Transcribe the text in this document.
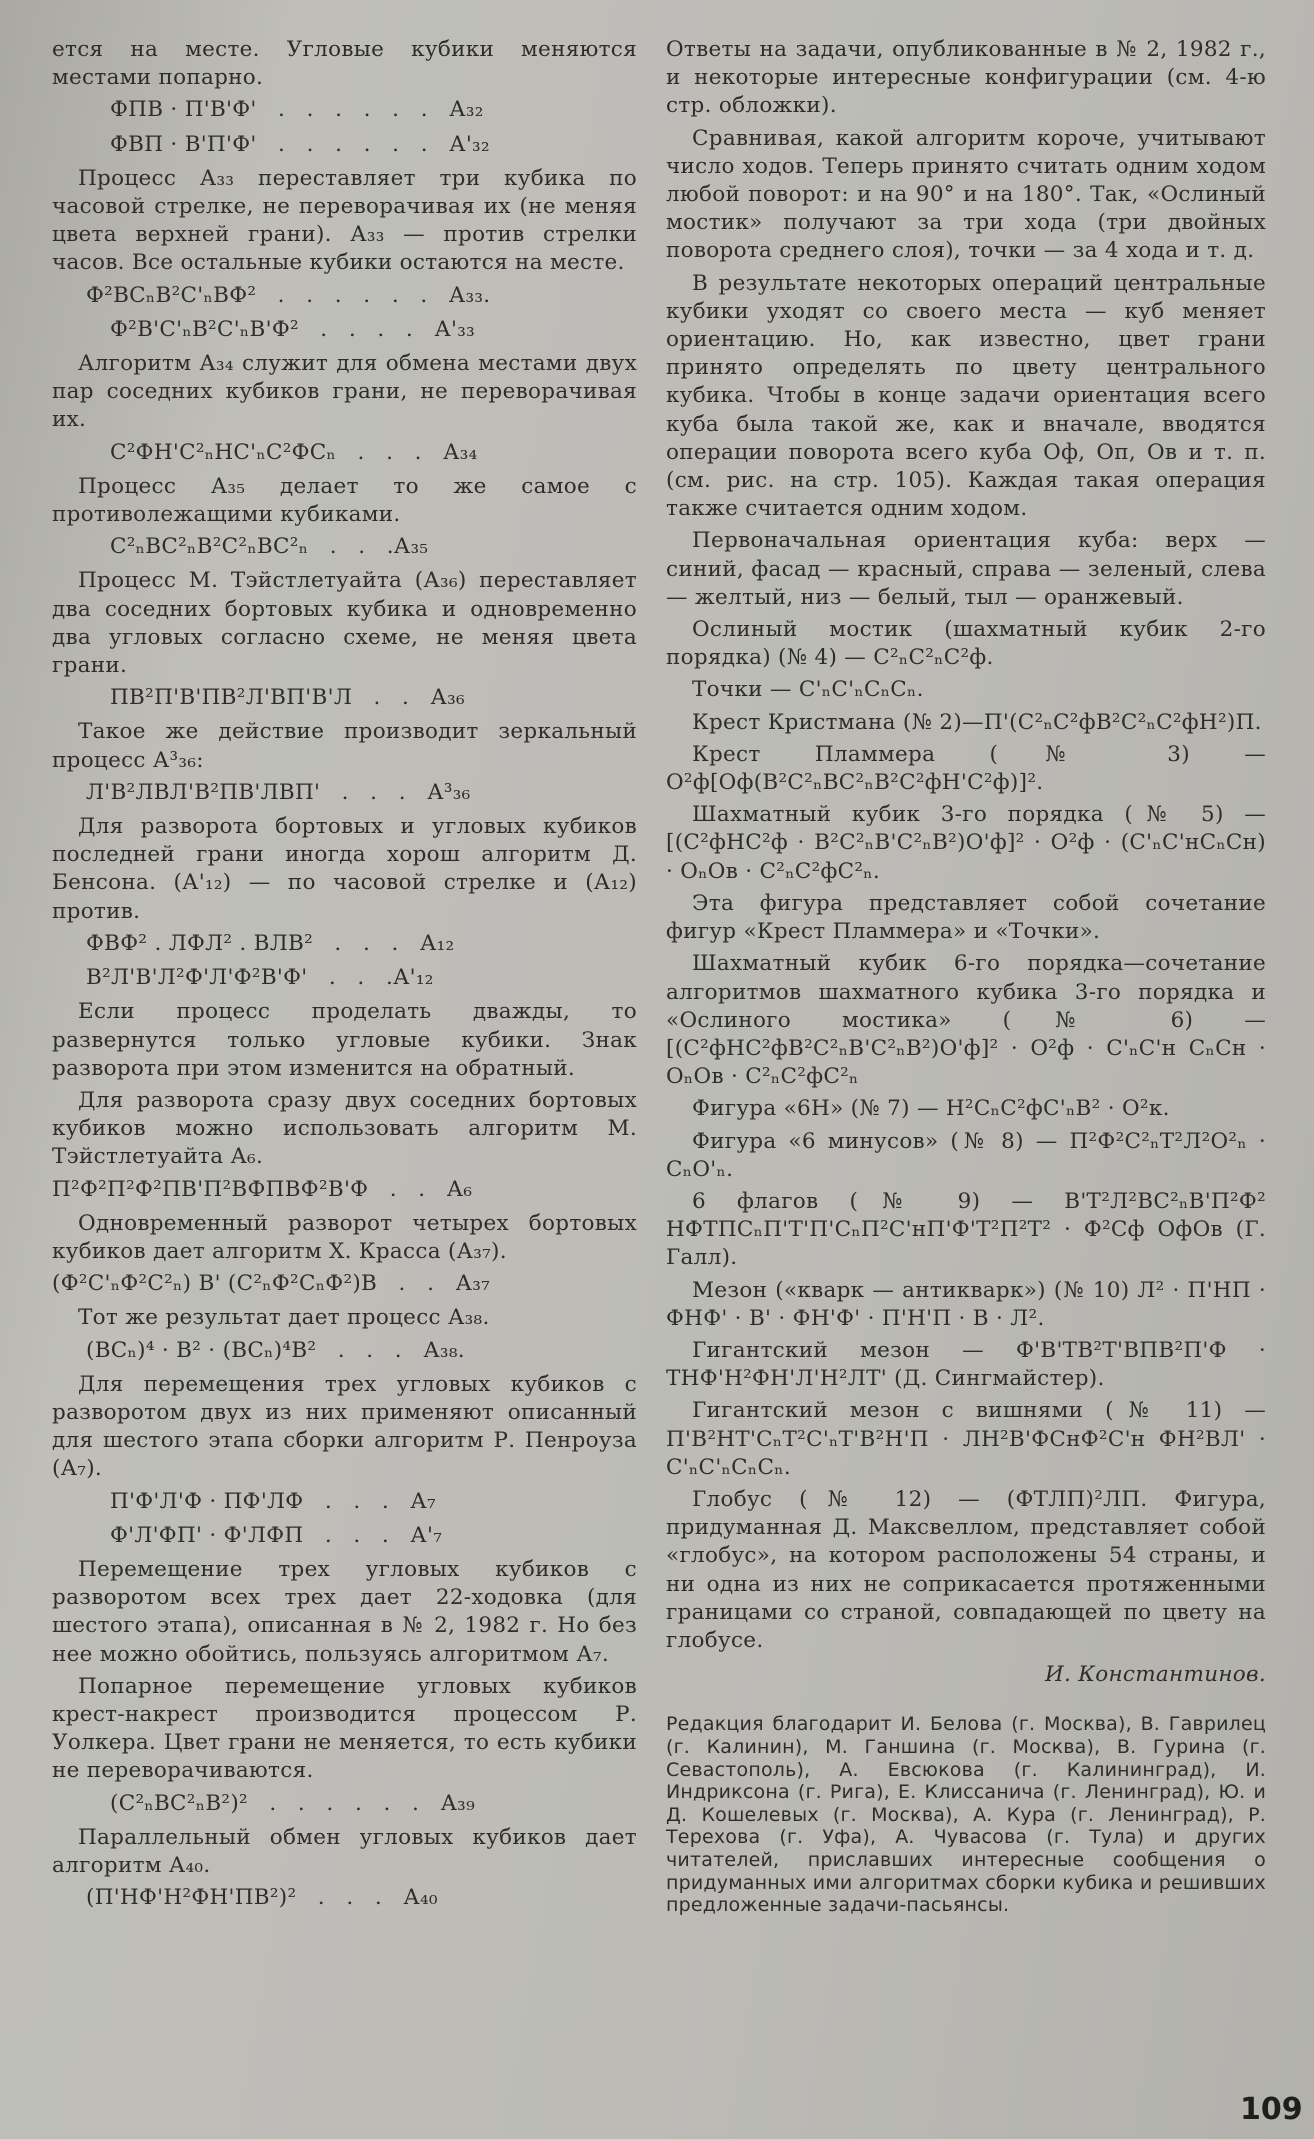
ется на месте. Угловые кубики меняются местами попарно.
ФПВ · П'В'Ф'   .   .   .   .   .   .   А₃₂
ФВП · В'П'Ф'   .   .   .   .   .   .   А'₃₂
Процесс А₃₃ переставляет три кубика по часовой стрелке, не переворачивая их (не меняя цвета верхней грани). А₃₃ — против стрелки часов. Все остальные кубики остаются на месте.
Ф²ВСₙВ²С'ₙВФ²   .   .   .   .   .   .   А₃₃.
Ф²В'С'ₙВ²С'ₙВ'Ф²   .   .   .   .   А'₃₃
Алгоритм А₃₄ служит для обмена местами двух пар соседних кубиков грани, не переворачивая их.
С²ФН'С²ₙНС'ₙС²ФСₙ   .   .   .   А₃₄
Процесс А₃₅ делает то же самое с противолежащими кубиками.
С²ₙВС²ₙВ²С²ₙВС²ₙ   .   .   .А₃₅
Процесс М. Тэйстлетуайта (А₃₆) переставляет два соседних бортовых кубика и одновременно два угловых согласно схеме, не меняя цвета грани.
ПВ²П'В'ПВ²Л'ВП'В'Л   .   .   А₃₆
Такое же действие производит зеркальный процесс А³₃₆:
Л'В²ЛВЛ'В²ПВ'ЛВП'   .   .   .   А³₃₆
Для разворота бортовых и угловых кубиков последней грани иногда хорош алгоритм Д. Бенсона. (А'₁₂) — по часовой стрелке и (А₁₂) против.
ФВФ² . ЛФЛ² . ВЛВ²   .   .   .   А₁₂
В²Л'В'Л²Ф'Л'Ф²В'Ф'   .   .   .А'₁₂
Если процесс проделать дважды, то развернутся только угловые кубики. Знак разворота при этом изменится на обратный.
Для разворота сразу двух соседних бортовых кубиков можно использовать алгоритм М. Тэйстлетуайта А₆.
П²Ф²П²Ф²ПВ'П²ВФПВФ²В'Ф   .   .   А₆
Одновременный разворот четырех бортовых кубиков дает алгоритм Х. Красса (А₃₇).
(Ф²С'ₙФ²С²ₙ) В' (С²ₙФ²СₙФ²)В   .   .   А₃₇
Тот же результат дает процесс А₃₈.
(ВСₙ)⁴ · В² · (ВСₙ)⁴В²   .   .   .   А₃₈.
Для перемещения трех угловых кубиков с разворотом двух из них применяют описанный для шестого этапа сборки алгоритм Р. Пенроуза (А₇).
П'Ф'Л'Ф · ПФ'ЛФ   .   .   .   А₇
Ф'Л'ФП' · Ф'ЛФП   .   .   .   А'₇
Перемещение трех угловых кубиков с разворотом всех трех дает 22-ходовка (для шестого этапа), описанная в № 2, 1982 г. Но без нее можно обойтись, пользуясь алгоритмом А₇.
Попарное перемещение угловых кубиков крест-накрест производится процессом Р. Уолкера. Цвет грани не меняется, то есть кубики не переворачиваются.
(С²ₙВС²ₙВ²)²   .   .   .   .   .   .   А₃₉
Параллельный обмен угловых кубиков дает алгоритм А₄₀.
(П'НФ'Н²ФН'ПВ²)²   .   .   .   А₄₀
Ответы на задачи, опубликованные в № 2, 1982 г., и некоторые интересные конфигурации (см. 4-ю стр. обложки).
Сравнивая, какой алгоритм короче, учитывают число ходов. Теперь принято считать одним ходом любой поворот: и на 90° и на 180°. Так, «Ослиный мостик» получают за три хода (три двойных поворота среднего слоя), точки — за 4 хода и т. д.
В результате некоторых операций центральные кубики уходят со своего места — куб меняет ориентацию. Но, как известно, цвет грани принято определять по цвету центрального кубика. Чтобы в конце задачи ориентация всего куба была такой же, как и вначале, вводятся операции поворота всего куба Оф, Оп, Ов и т. п. (см. рис. на стр. 105). Каждая такая операция также считается одним ходом.
Первоначальная ориентация куба: верх — синий, фасад — красный, справа — зеленый, слева — желтый, низ — белый, тыл — оранжевый.
Ослиный мостик (шахматный кубик 2-го порядка) (№ 4) — С²ₙС²ₙС²ф.
Точки — С'ₙС'ₙСₙСₙ.
Крест Кристмана (№ 2)—П'(С²ₙС²фВ²С²ₙС²фН²)П.
Крест Пламмера (№ 3) — О²ф[Оф(В²С²ₙВС²ₙВ²С²фН'С²ф)]².
Шахматный кубик 3-го порядка (№ 5) — [(С²фНС²ф · В²С²ₙВ'С²ₙВ²)О'ф]² · О²ф · (С'ₙС'нСₙСн) · ОₙОв · С²ₙС²фС²ₙ.
Эта фигура представляет собой сочетание фигур «Крест Пламмера» и «Точки».
Шахматный кубик 6-го порядка—сочетание алгоритмов шахматного кубика 3-го порядка и «Ослиного мостика» (№ 6) — [(С²фНС²фВ²С²ₙВ'С²ₙВ²)О'ф]² · О²ф · С'ₙС'н СₙСн · ОₙОв · С²ₙС²фС²ₙ
Фигура «6Н» (№ 7) — Н²СₙС²фС'ₙВ² · О²к.
Фигура «6 минусов» (№ 8) — П²Ф²С²ₙТ²Л²О²ₙ · СₙО'ₙ.
6 флагов (№ 9) — В'Т²Л²ВС²ₙВ'П²Ф² НФТПСₙП'Т'П'СₙП²С'нП'Ф'Т²П²Т² · Ф²Сф ОфОв (Г. Галл).
Мезон («кварк — антикварк») (№ 10) Л² · П'НП · ФНФ' · В' · ФН'Ф' · П'Н'П · В · Л².
Гигантский мезон — Ф'В'ТВ²Т'ВПВ²П'Ф · ТНФ'Н²ФН'Л'Н²ЛТ' (Д. Сингмайстер).
Гигантский мезон с вишнями (№ 11) — П'В²НТ'СₙТ²С'ₙТ'В²Н'П · ЛН²В'ФСнФ²С'н ФН²ВЛ' · С'ₙС'ₙСₙСₙ.
Глобус (№ 12) — (ФТЛП)²ЛП. Фигура, придуманная Д. Максвеллом, представляет собой «глобус», на котором расположены 54 страны, и ни одна из них не соприкасается протяженными границами со страной, совпадающей по цвету на глобусе.
И. Константинов.
Редакция благодарит И. Белова (г. Москва), В. Гаврилец (г. Калинин), М. Ганшина (г. Москва), В. Гурина (г. Севастополь), А. Евсюкова (г. Калининград), И. Индриксона (г. Рига), Е. Клиссанича (г. Ленинград), Ю. и Д. Кошелевых (г. Москва), А. Кура (г. Ленинград), Р. Терехова (г. Уфа), А. Чувасова (г. Тула) и других читателей, приславших интересные сообщения о придуманных ими алгоритмах сборки кубика и решивших предложенные задачи-пасьянсы.
109
